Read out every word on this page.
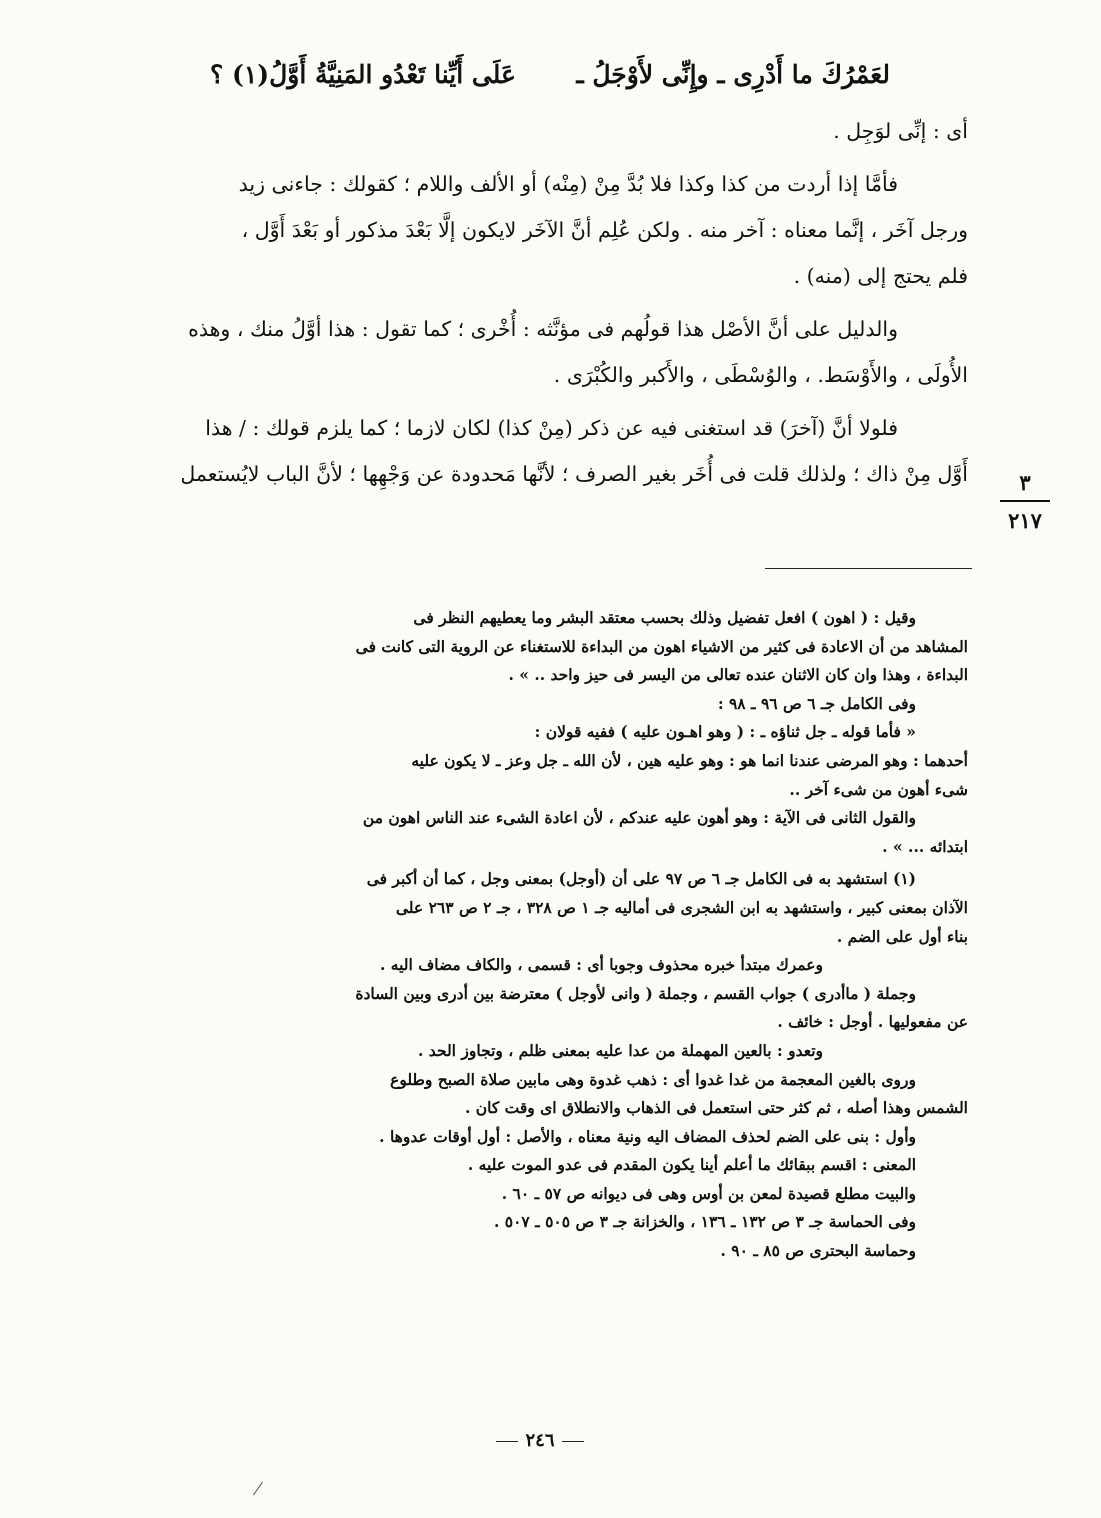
لعَمْرُكَ ما أَدْرِى ـ وإِنِّى لأَوْجَلُ ـ
عَلَى أَيِّنا تَعْدُو المَنِيَّةُ أَوَّلُ(١) ؟
أى : إنِّى لوَجِل .
فأمَّا إذا أردت من كذا وكذا فلا بُدَّ مِنْ (مِنْه) أو الألف واللام ؛ كقولك : جاءنى زيد
ورجل آخَر ، إنَّما معناه : آخر منه . ولكن عُلِم أنَّ الآخَر لايكون إلَّا بَعْدَ مذكور أو بَعْدَ أَوَّل ،
فلم يحتج إلى (منه) .
والدليل على أنَّ الأصْل هذا قولُهم فى مؤنَّثه : أُخْرى ؛ كما تقول : هذا أوَّلُ منك ، وهذه
الأُولَى ، والأَوْسَط. ، والوُسْطَى ، والأَكبر والكُبْرَى .
فلولا أنَّ (آخرَ) قد استغنى فيه عن ذكر (مِنْ كذا) لكان لازما ؛ كما يلزم قولك : / هذا
أَوَّل مِنْ ذاك ؛ ولذلك قلت فى أُخَر بغير الصرف ؛ لأنَّها مَحدودة عن وَجْهِها ؛ لأنَّ الباب لايُستعمل	٣
٢١٧
وقيل : ( اهون ) افعل تفضيل وذلك بحسب معتقد البشر وما يعطيهم النظر فى
المشاهد من أن الاعادة فى كثير من الاشياء اهون من البداءة للاستغناء عن الروية التى كانت فى
البداءة ، وهذا وان كان الاثنان عنده تعالى من اليسر فى حيز واحد .. » .
وفى الكامل جـ ٦ ص ٩٦ ـ ٩٨ :
« فأما قوله ـ جل ثناؤه ـ : ( وهو اهـون عليه ) ففيه قولان :
أحدهما : وهو المرضى عندنا انما هو : وهو عليه هين ، لأن الله ـ جل وعز ـ لا يكون عليه
شىء أهون من شىء آخر ..
والقول الثانى فى الآية : وهو أهون عليه عندكم ، لأن اعادة الشىء عند الناس اهون من
ابتدائه ... » .
(١) استشهد به فى الكامل جـ ٦ ص ٩٧ على أن (أوجل) بمعنى وجل ، كما أن أكبر فى
الآذان بمعنى كبير ، واستشهد به ابن الشجرى فى أماليه جـ ١ ص ٣٢٨ ، جـ ٢ ص ٢٦٣ على
بناء أول على الضم .
وعمرك مبتدأ خبره محذوف وجوبا أى : قسمى ، والكاف مضاف اليه .
وجملة ( ماأدرى ) جواب القسم ، وجملة ( وانى لأوجل ) معترضة بين أدرى وبين السادة
عن مفعوليها . أوجل : خائف .
وتعدو : بالعين المهملة من عدا عليه بمعنى ظلم ، وتجاوز الحد .
وروى بالغين المعجمة من غدا غدوا أى : ذهب غدوة وهى مابين صلاة الصبح وطلوع
الشمس وهذا أصله ، ثم كثر حتى استعمل فى الذهاب والانطلاق اى وقت كان .
وأول : بنى على الضم لحذف المضاف اليه ونية معناه ، والأصل : أول أوقات عدوها .
المعنى : اقسم ببقائك ما أعلم أينا يكون المقدم فى عدو الموت عليه .
والبيت مطلع قصيدة لمعن بن أوس وهى فى ديوانه ص ٥٧ ـ ٦٠ .
وفى الحماسة جـ ٣ ص ١٣٢ ـ ١٣٦ ، والخزانة جـ ٣ ص ٥٠٥ ـ ٥٠٧ .
وحماسة البحترى ص ٨٥ ـ ٩٠ .
٢٤٦
